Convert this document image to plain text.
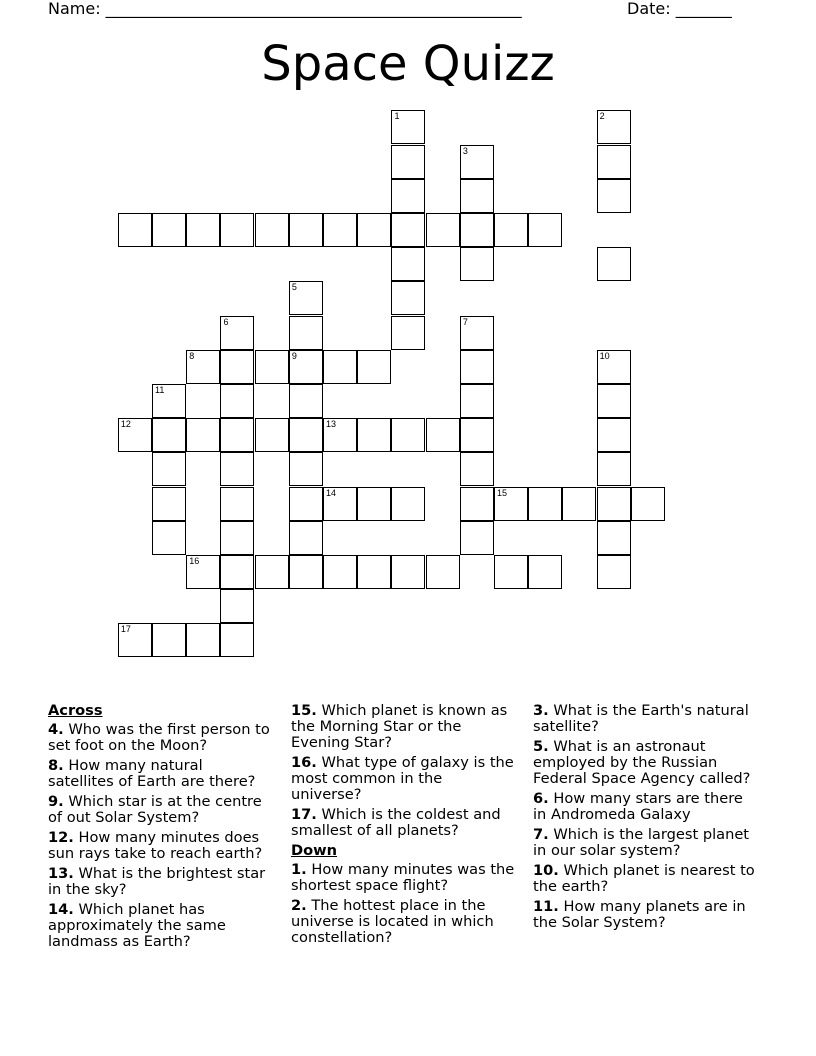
Name: ____________________________________________________	Date: _______
Space Quizz
1	2
3
5
9
6
8
7
10
11
12	13
14	15
16
17
Across
4. Who was the first person to set foot on the Moon?
8. How many natural satellites of Earth are there?
9. Which star is at the centre of out Solar System?
12. How many minutes does sun rays take to reach earth?
13. What is the brightest star in the sky?
14. Which planet has approximately the same landmass as Earth?
15. Which planet is known as the Morning Star or the Evening Star?
16. What type of galaxy is the most common in the universe?
17. Which is the coldest and smallest of all planets?
Down
1. How many minutes was the shortest space flight?
2. The hottest place in the universe is located in which constellation?
3. What is the Earth's natural satellite?
5. What is an astronaut employed by the Russian Federal Space Agency called?
6. How many stars are there in Andromeda Galaxy
7. Which is the largest planet in our solar system?
10. Which planet is nearest to the earth?
11. How many planets are in the Solar System?
